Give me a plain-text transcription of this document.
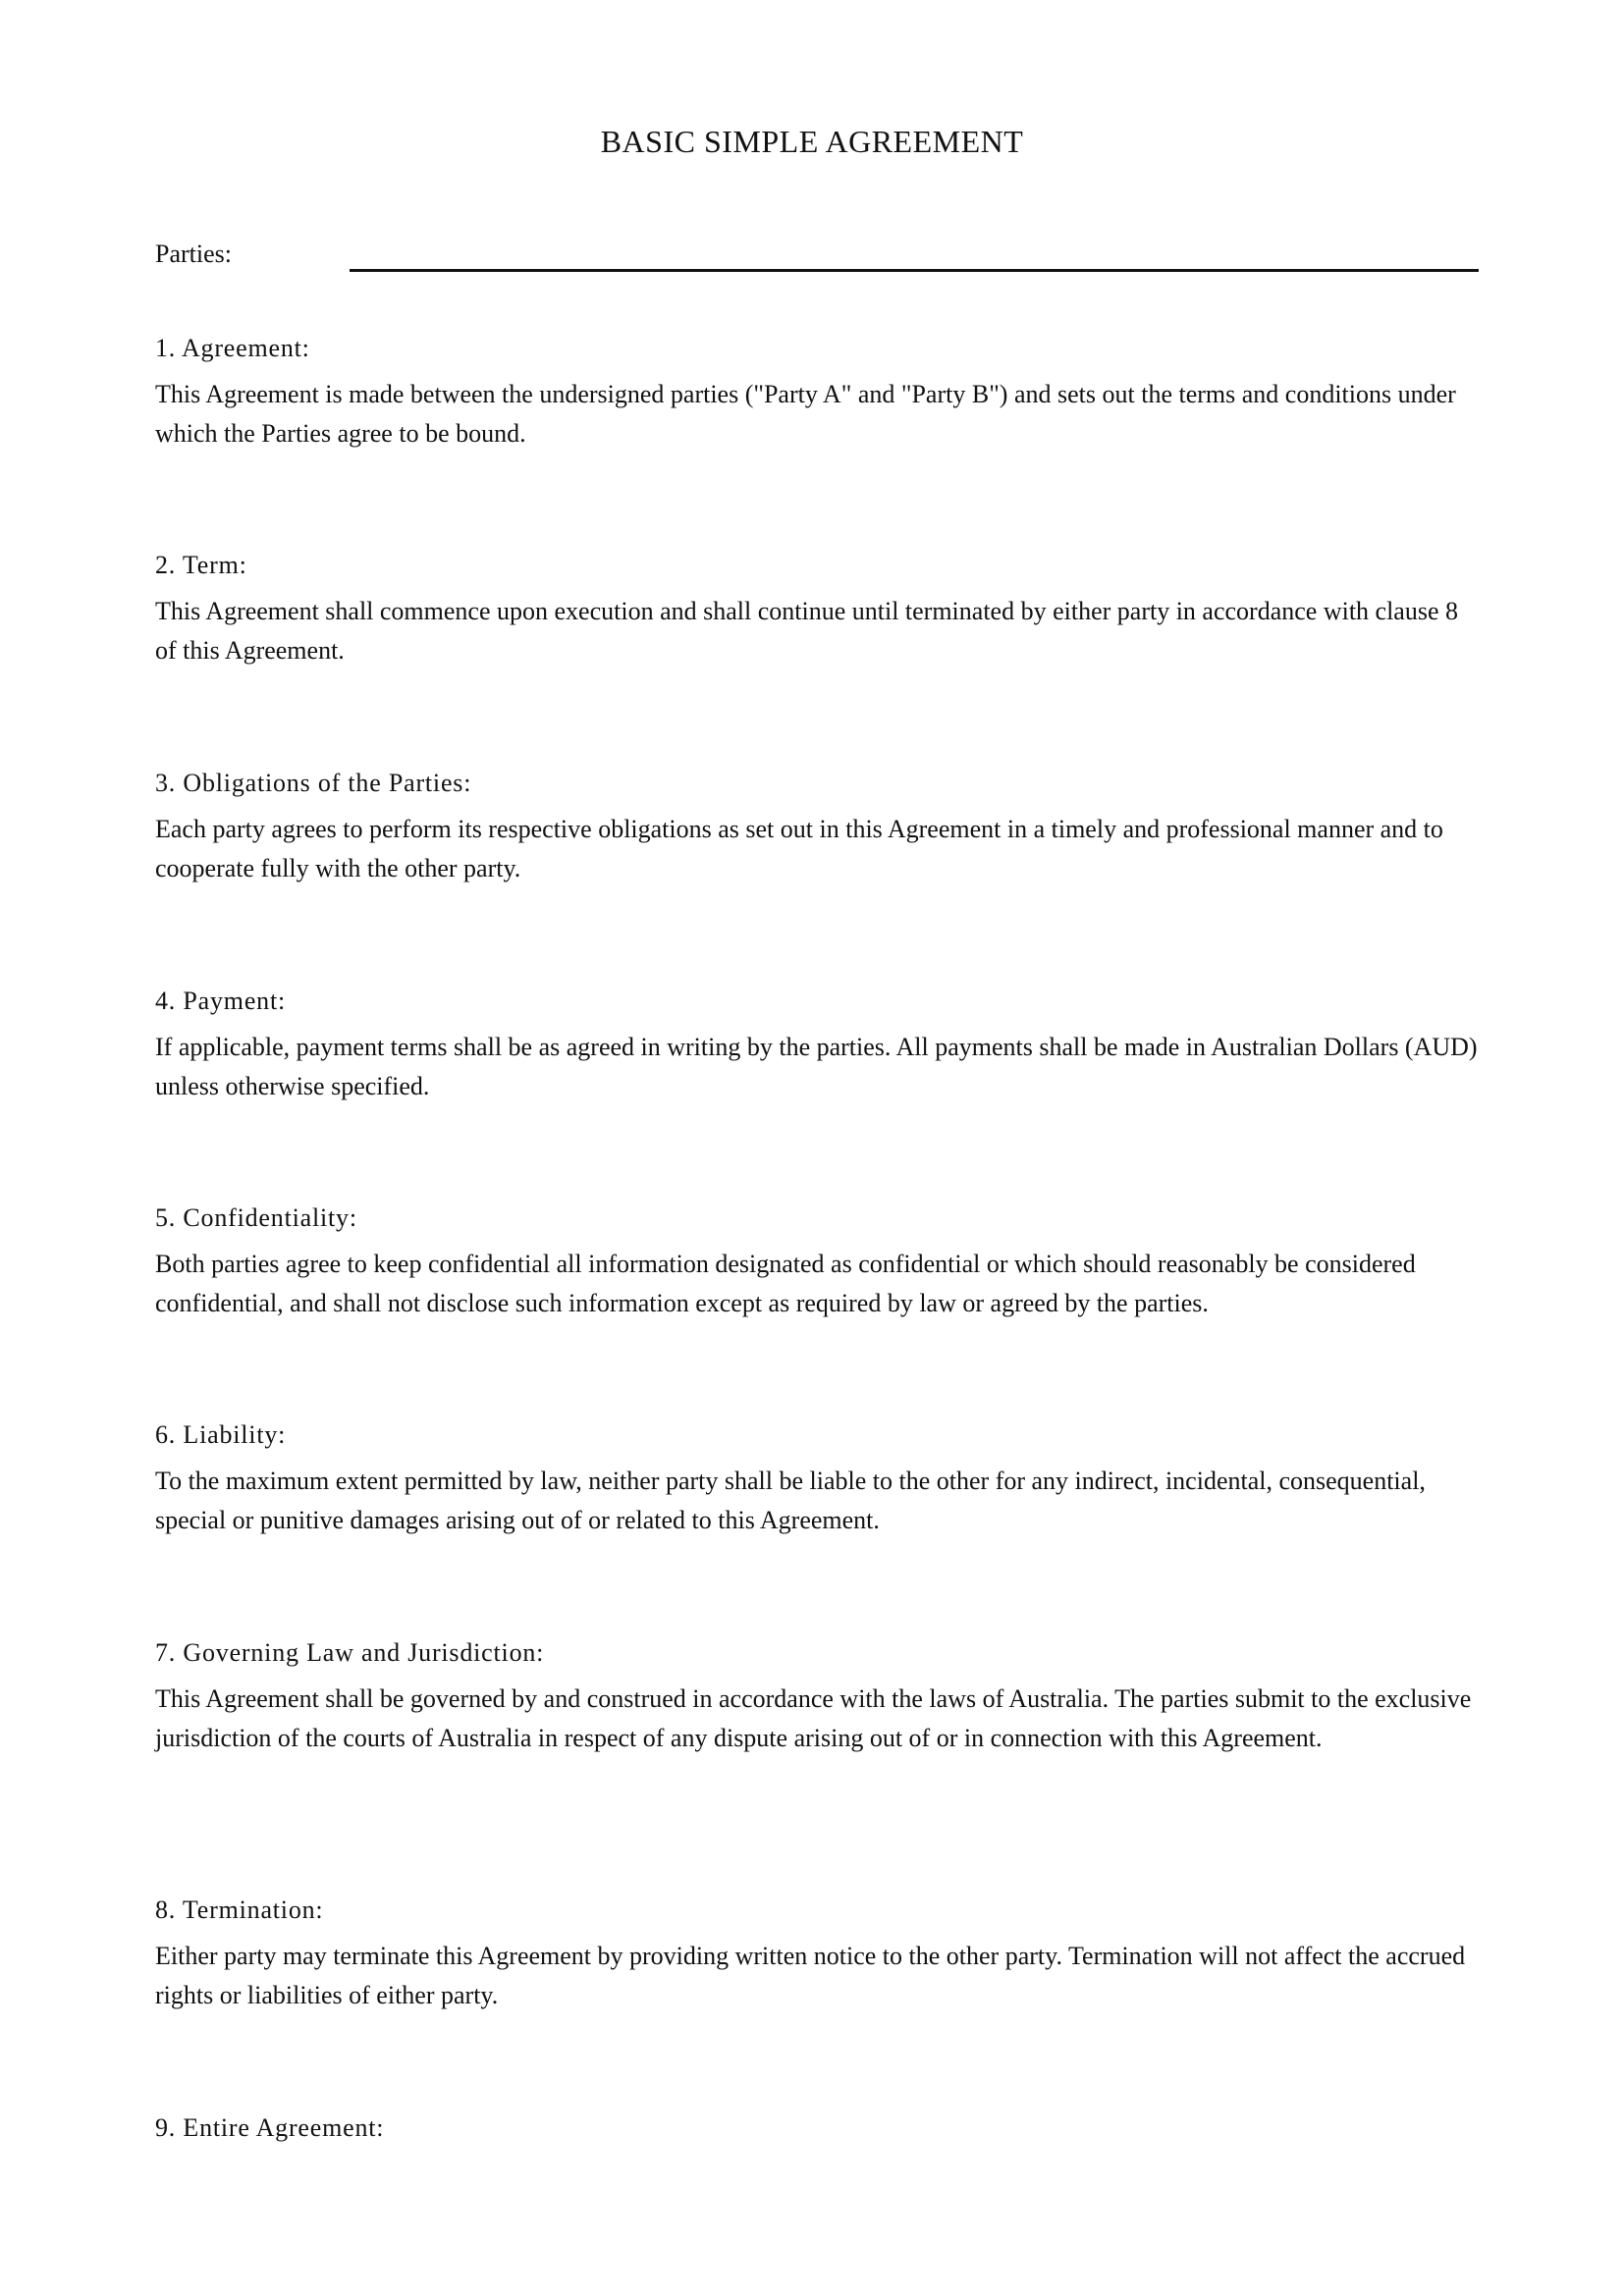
BASIC SIMPLE AGREEMENT
Parties:

1. Agreement:

This Agreement is made between the undersigned parties ("Party A" and "Party B") and sets out the terms and conditions under which the Parties agree to be bound.

2. Term:

This Agreement shall commence upon execution and shall continue until terminated by either party in accordance with clause 8 of this Agreement.

3. Obligations of the Parties:

Each party agrees to perform its respective obligations as set out in this Agreement in a timely and professional manner and to cooperate fully with the other party.

4. Payment:

If applicable, payment terms shall be as agreed in writing by the parties. All payments shall be made in Australian Dollars (AUD) unless otherwise specified.

5. Confidentiality:

Both parties agree to keep confidential all information designated as confidential or which should reasonably be considered confidential, and shall not disclose such information except as required by law or agreed by the parties.

6. Liability:

To the maximum extent permitted by law, neither party shall be liable to the other for any indirect, incidental, consequential, special or punitive damages arising out of or related to this Agreement.

7. Governing Law and Jurisdiction:

This Agreement shall be governed by and construed in accordance with the laws of Australia. The parties submit to the exclusive jurisdiction of the courts of Australia in respect of any dispute arising out of or in connection with this Agreement.

8. Termination:

Either party may terminate this Agreement by providing written notice to the other party. Termination will not affect the accrued rights or liabilities of either party.

9. Entire Agreement:
